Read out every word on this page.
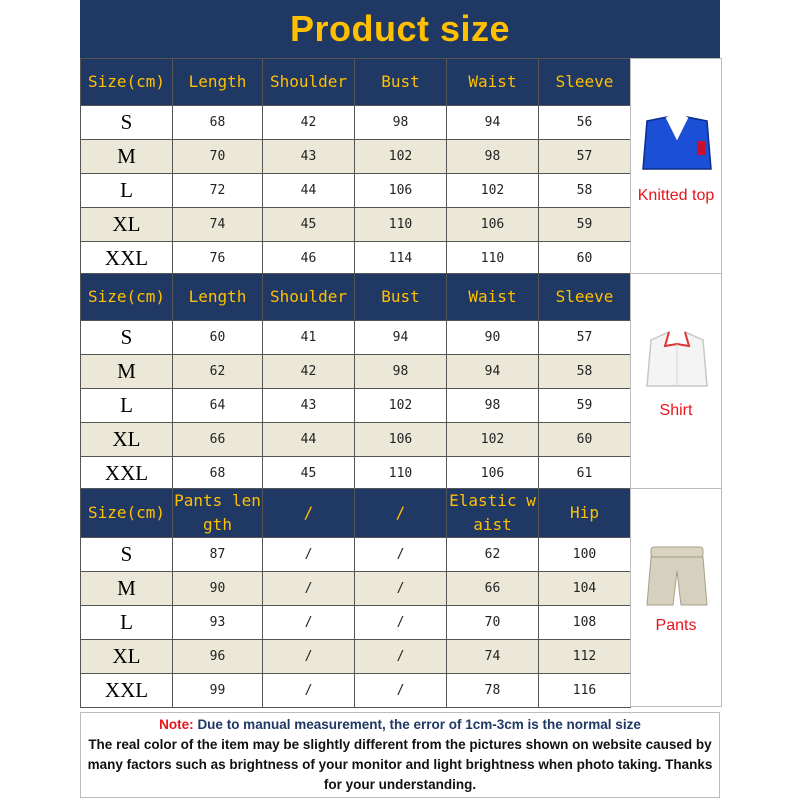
Product size
Size(cm)	Length	Shoulder	Bust	Waist	Sleeve

S	68	42	98	94	56
M	70	43	102	98	57
L	72	44	106	102	58
XL	74	45	110	106	59
XXL	76	46	114	110	60
Knitted top
Size(cm)	Length	Shoulder	Bust	Waist	Sleeve

S	60	41	94	90	57
M	62	42	98	94	58
L	64	43	102	98	59
XL	66	44	106	102	60
XXL	68	45	110	106	61
Shirt
Size(cm)	Pants length	/	/	Elastic waist	Hip

S	87	/	/	62	100
M	90	/	/	66	104
L	93	/	/	70	108
XL	96	/	/	74	112
XXL	99	/	/	78	116
Pants
Note: Due to manual measurement, the error of 1cm-3cm is the normal size
The real color of the item may be slightly different from the pictures shown on website caused by many factors such as brightness of your monitor and light brightness when photo taking. Thanks for your understanding.
